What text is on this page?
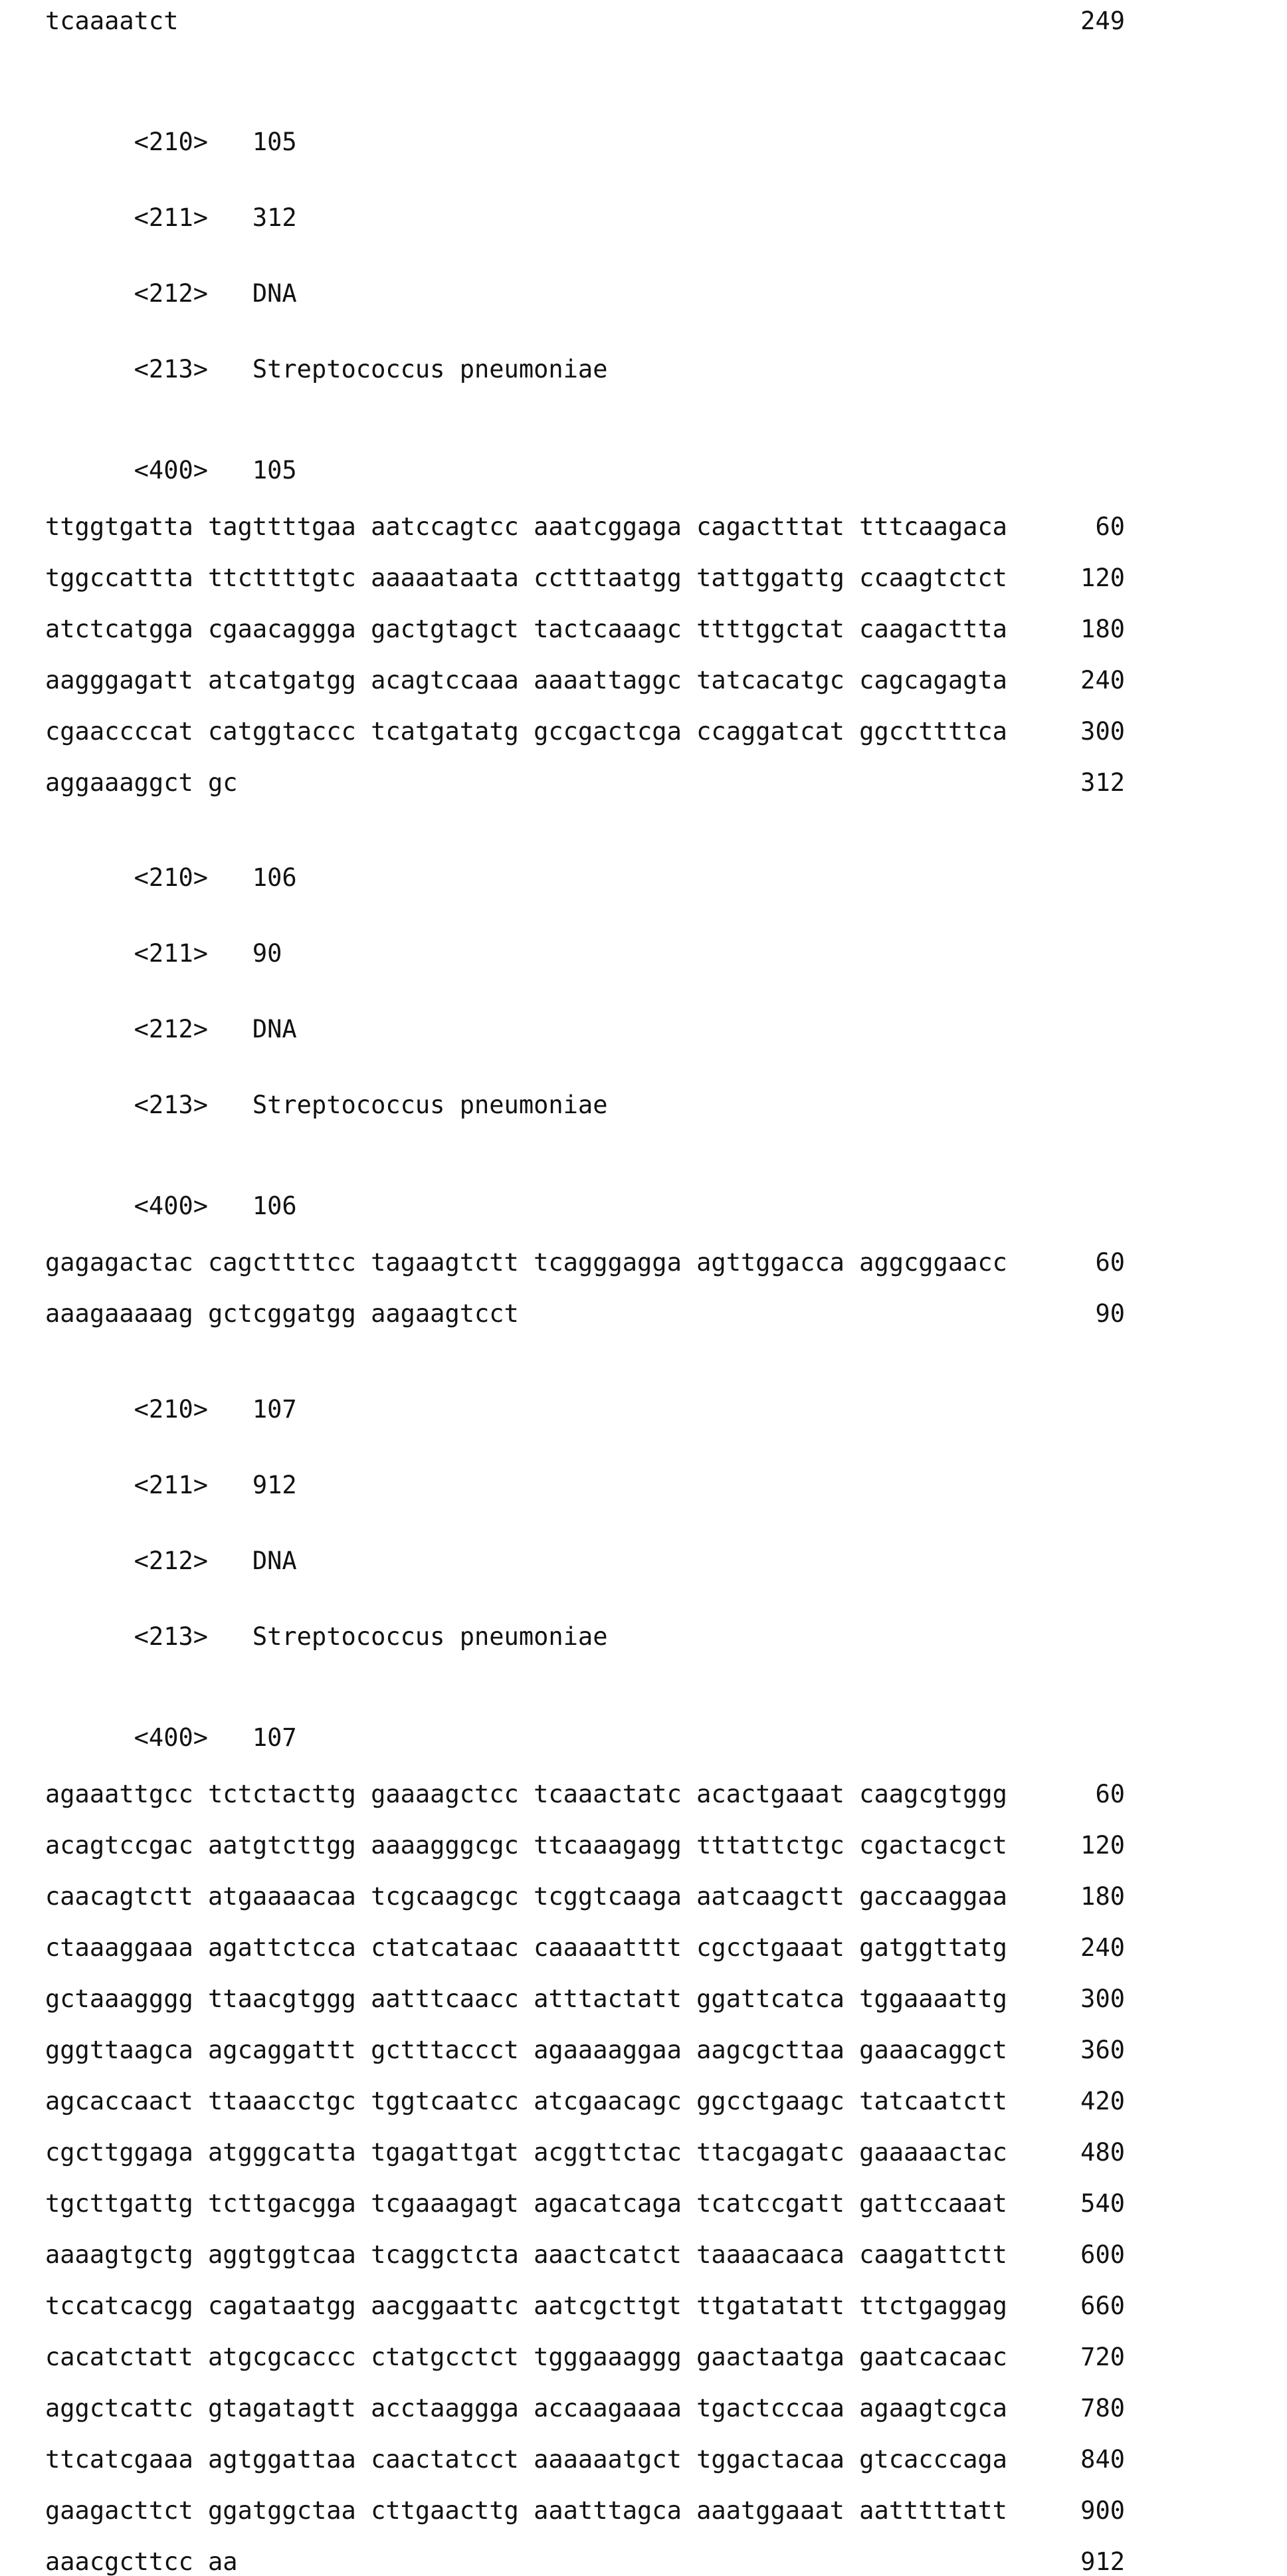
tcaaaatct	249

<210> 105

<211> 312

<212> DNA

<213> Streptococcus pneumoniae

<400> 105

ttggtgatta tagttttgaa aatccagtcc aaatcggaga cagactttat tttcaagaca	60
tggccattta ttcttttgtc aaaaataata cctttaatgg tattggattg ccaagtctct	120
atctcatgga cgaacaggga gactgtagct tactcaaagc ttttggctat caagacttta	180
aagggagatt atcatgatgg acagtccaaa aaaattaggc tatcacatgc cagcagagta	240
cgaaccccat catggtaccc tcatgatatg gccgactcga ccaggatcat ggccttttca	300
aggaaaggct gc	312

<210> 106

<211> 90

<212> DNA

<213> Streptococcus pneumoniae

<400> 106

gagagactac cagcttttcc tagaagtctt tcagggagga agttggacca aggcggaacc	60
aaagaaaaag gctcggatgg aagaagtcct	90

<210> 107

<211> 912

<212> DNA

<213> Streptococcus pneumoniae

<400> 107

agaaattgcc tctctacttg gaaaagctcc tcaaactatc acactgaaat caagcgtggg	60
acagtccgac aatgtcttgg aaaagggcgc ttcaaagagg tttattctgc cgactacgct	120
caacagtctt atgaaaacaa tcgcaagcgc tcggtcaaga aatcaagctt gaccaaggaa	180
ctaaaggaaa agattctcca ctatcataac caaaaatttt cgcctgaaat gatggttatg	240
gctaaagggg ttaacgtggg aatttcaacc atttactatt ggattcatca tggaaaattg	300
gggttaagca agcaggattt gctttaccct agaaaaggaa aagcgcttaa gaaacaggct	360
agcaccaact ttaaacctgc tggtcaatcc atcgaacagc ggcctgaagc tatcaatctt	420
cgcttggaga atgggcatta tgagattgat acggttctac ttacgagatc gaaaaactac	480
tgcttgattg tcttgacgga tcgaaagagt agacatcaga tcatccgatt gattccaaat	540
aaaagtgctg aggtggtcaa tcaggctcta aaactcatct taaaacaaca caagattctt	600
tccatcacgg cagataatgg aacggaattc aatcgcttgt ttgatatatt ttctgaggag	660
cacatctatt atgcgcaccc ctatgcctct tgggaaaggg gaactaatga gaatcacaac	720
aggctcattc gtagatagtt acctaaggga accaagaaaa tgactcccaa agaagtcgca	780
ttcatcgaaa agtggattaa caactatcct aaaaaatgct tggactacaa gtcacccaga	840
gaagacttct ggatggctaa cttgaacttg aaatttagca aaatggaaat aatttttatt	900
aaacgcttcc aa	912
